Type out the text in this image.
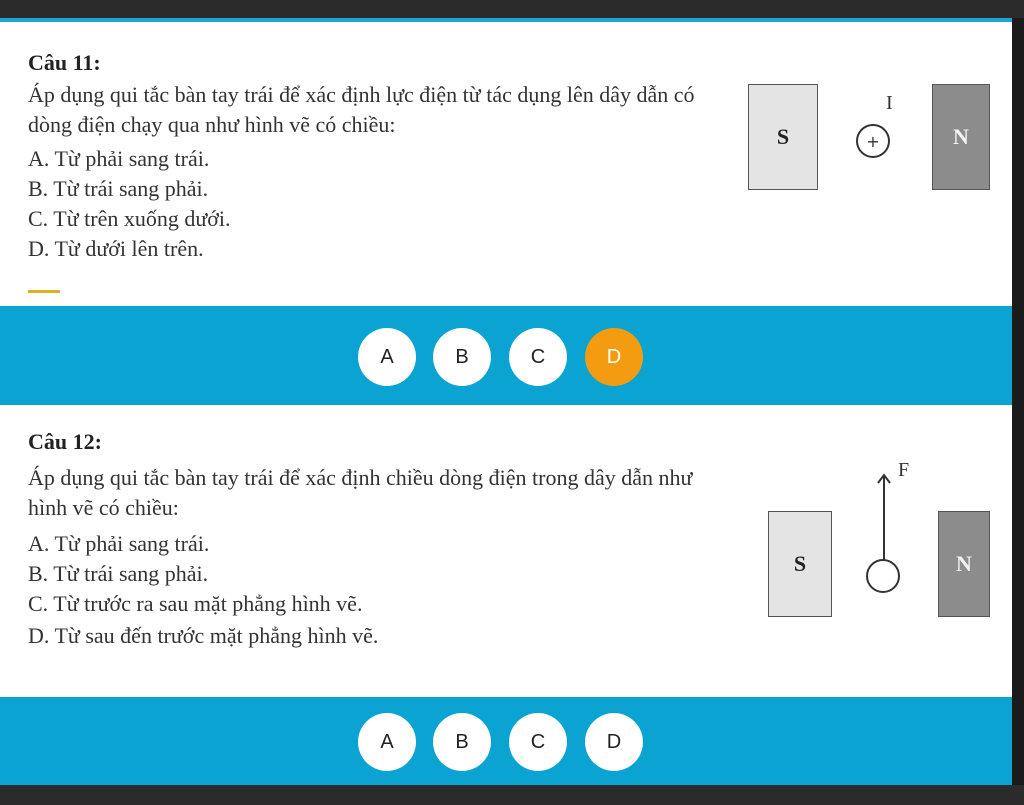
Câu 11:
Áp dụng qui tắc bàn tay trái để xác định lực điện từ tác dụng lên dây dẫn có dòng điện chạy qua như hình vẽ có chiều:
A. Từ phải sang trái.
B. Từ trái sang phải.
C. Từ trên xuống dưới.
D. Từ dưới lên trên.
S
I
+	N
A	B	C	D
Câu 12:
Áp dụng qui tắc bàn tay trái để xác định chiều dòng điện trong dây dẫn như hình vẽ có chiều:
A. Từ phải sang trái.
B. Từ trái sang phải.
C. Từ trước ra sau mặt phẳng hình vẽ.
D. Từ sau đến trước mặt phẳng hình vẽ.
S
F
N
A	B	C	D
